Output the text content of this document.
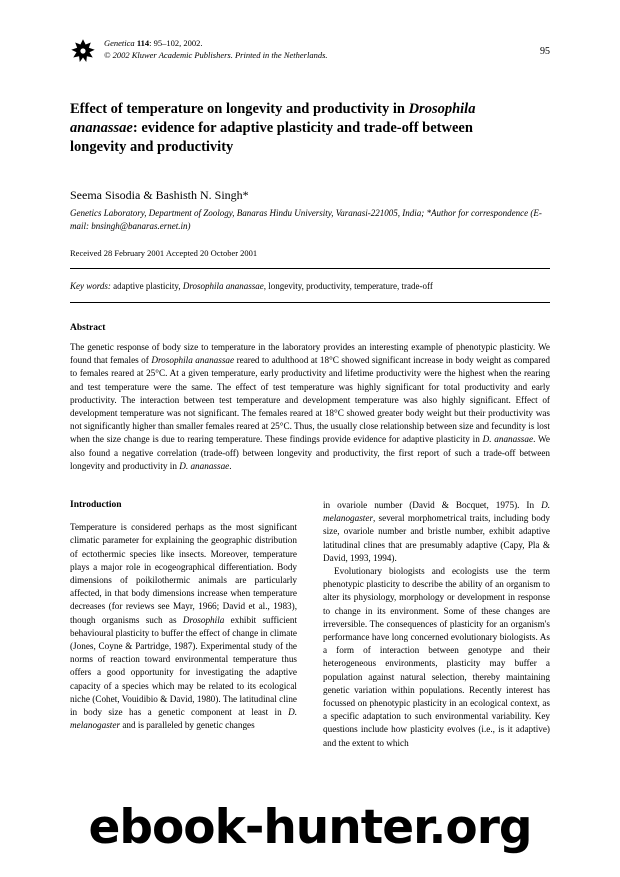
Genetica 114: 95–102, 2002.
© 2002 Kluwer Academic Publishers. Printed in the Netherlands.	95
Effect of temperature on longevity and productivity in Drosophila
ananassae: evidence for adaptive plasticity and trade-off between
longevity and productivity
Seema Sisodia & Bashisth N. Singh*
Genetics Laboratory, Department of Zoology, Banaras Hindu University, Varanasi-221005, India; *Author for correspondence (E-mail: bnsingh@banaras.ernet.in)
Received 28 February 2001 Accepted 20 October 2001
Key words: adaptive plasticity, Drosophila ananassae, longevity, productivity, temperature, trade-off
Abstract
The genetic response of body size to temperature in the laboratory provides an interesting example of phenotypic plasticity. We found that females of Drosophila ananassae reared to adulthood at 18°C showed significant increase in body weight as compared to females reared at 25°C. At a given temperature, early productivity and lifetime productivity were the highest when the rearing and test temperature were the same. The effect of test temperature was highly significant for total productivity and early productivity. The interaction between test temperature and development temperature was also highly significant. Effect of development temperature was not significant. The females reared at 18°C showed greater body weight but their productivity was not significantly higher than smaller females reared at 25°C. Thus, the usually close relationship between size and fecundity is lost when the size change is due to rearing temperature. These findings provide evidence for adaptive plasticity in D. ananassae. We also found a negative correlation (trade-off) between longevity and productivity, the first report of such a trade-off between longevity and productivity in D. ananassae.
Introduction

Temperature is considered perhaps as the most significant climatic parameter for explaining the geographic distribution of ectothermic species like insects. Moreover, temperature plays a major role in ecogeographical differentiation. Body dimensions of poikilothermic animals are particularly affected, in that body dimensions increase when temperature decreases (for reviews see Mayr, 1966; David et al., 1983), though organisms such as Drosophila exhibit sufficient behavioural plasticity to buffer the effect of change in climate (Jones, Coyne & Partridge, 1987). Experimental study of the norms of reaction toward environmental temperature thus offers a good opportunity for investigating the adaptive capacity of a species which may be related to its ecological niche (Cohet, Vouidibio & David, 1980). The latitudinal cline in body size has a genetic component at least in D. melanogaster and is paralleled by genetic changes

in ovariole number (David & Bocquet, 1975). In D. melanogaster, several morphometrical traits, including body size, ovariole number and bristle number, exhibit adaptive latitudinal clines that are presumably adaptive (Capy, Pla & David, 1993, 1994).

Evolutionary biologists and ecologists use the term phenotypic plasticity to describe the ability of an organism to alter its physiology, morphology or development in response to change in its environment. Some of these changes are irreversible. The consequences of plasticity for an organism's performance have long concerned evolutionary biologists. As a form of interaction between genotype and their heterogeneous environments, plasticity may buffer a population against natural selection, thereby maintaining genetic variation within populations. Recently interest has focussed on phenotypic plasticity in an ecological context, as a specific adaptation to such environmental variability. Key questions include how plasticity evolves (i.e., is it adaptive) and the extent to which

ebook-hunter.org
